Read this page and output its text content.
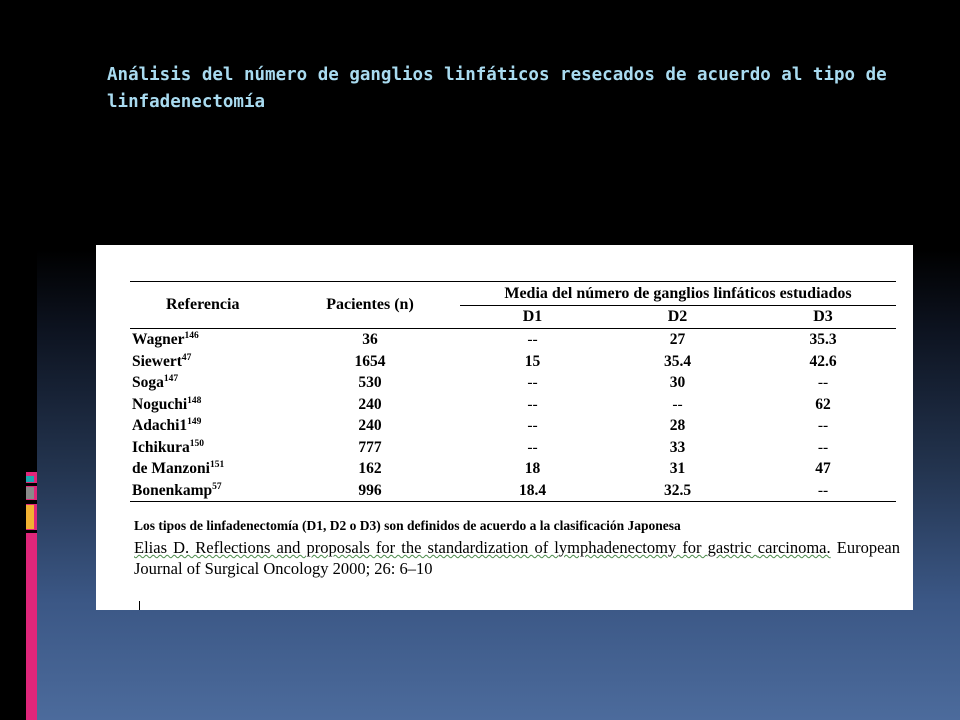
Análisis del número de ganglios linfáticos resecados de acuerdo al tipo de linfadenectomía
Referencia	Pacientes (n)	Media del número de ganglios linfáticos estudiados		
		D1	D2	D3
Wagner$^{146}$	36	--	27	35.3
Siewert$^{47}$	1654	15	35.4	42.6
Soga$^{147}$	530	--	30	--
Noguchi$^{148}$	240	--	--	62
$Adachi1^{149}$	240	--	28	--
Ichikura$^{150}$	777	--	33	--
de Manzoni$^{151}$	162	18	31	47
Bonenkamp$^{57}$	996	18.4	32.5	--
Los tipos de linfadenectomía (D1, D2 o D3) son definidos de acuerdo a la clasificación Japonesa
Elias D. Reflections and proposals for the standardization of lymphadenectomy for gastric carcinoma. European Journal of Surgical Oncology 2000; 26: 6–10
